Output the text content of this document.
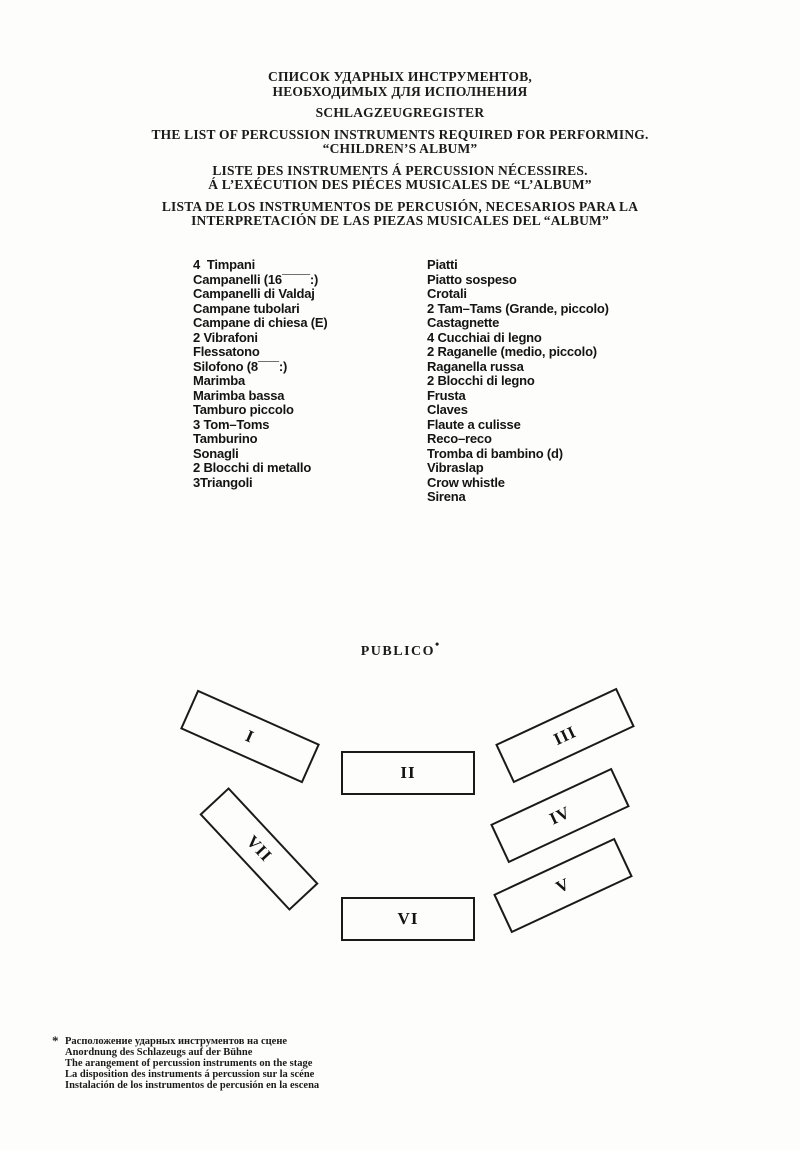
СПИСОК УДАРНЫХ ИНСТРУМЕНТОВ,
НЕОБХОДИМЫХ ДЛЯ ИСПОЛНЕНИЯ
SCHLAGZEUGREGISTER
THE LIST OF PERCUSSION INSTRUMENTS REQUIRED FOR PERFORMING.
“CHILDREN’S ALBUM”
LISTE DES INSTRUMENTS Á PERCUSSION NÉCESSIRES.
Á L’EXÉCUTION DES PIÉCES MUSICALES DE “L’ALBUM”
LISTA DE LOS INSTRUMENTOS DE PERCUSIÓN, NECESARIOS PARA LA
INTERPRETACIÓN DE LAS PIEZAS MUSICALES DEL “ALBUM”
4  Timpani
Campanelli (16¯¯¯¯:)
Campanelli di Valdaj
Campane tubolari
Campane di chiesa (E)
2 Vibrafoni
Flessatono
Silofono (8¯¯¯:)
Marimba
Marimba bassa
Tamburo piccolo
3 Tom–Toms
Tamburino
Sonagli
2 Blocchi di metallo
3Triangoli
Piatti
Piatto sospeso
Crotali
2 Tam–Tams (Grande, piccolo)
Castagnette
4 Cucchiai di legno
2 Raganelle (medio, piccolo)
Raganella russa
2 Blocchi di legno
Frusta
Claves
Flaute a culisse
Reco–reco
Tromba di bambino (d)
Vibraslap
Crow whistle
Sirena
PUBLICO•
I
II
III
IV
V
VI
VII
* Расположение ударных инструментов на сцене
Anordnung des Schlazeugs auf der Bühne
The arangement of percussion instruments on the stage
La disposition des instruments á percussion sur la scéne
Instalación de los instrumentos de percusión en la escena
